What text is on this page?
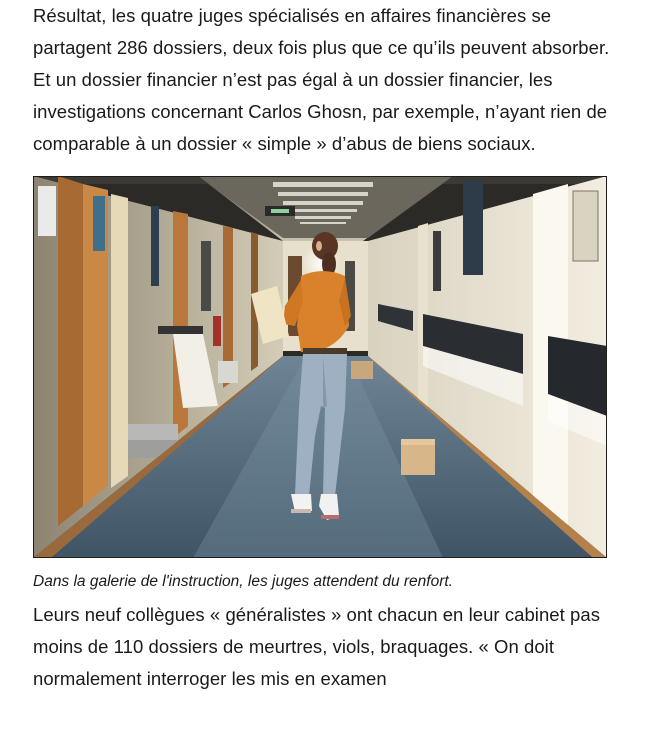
Résultat, les quatre juges spécialisés en affaires financières se partagent 286 dossiers, deux fois plus que ce qu’ils peuvent absorber. Et un dossier financier n’est pas égal à un dossier financier, les investigations concernant Carlos Ghosn, par exemple, n’ayant rien de comparable à un dossier « simple » d’abus de biens sociaux.

Dans la galerie de l'instruction, les juges attendent du renfort.

Leurs neuf collègues « généralistes » ont chacun en leur cabinet pas moins de 110 dossiers de meurtres, viols, braquages. « On doit normalement interroger les mis en examen
